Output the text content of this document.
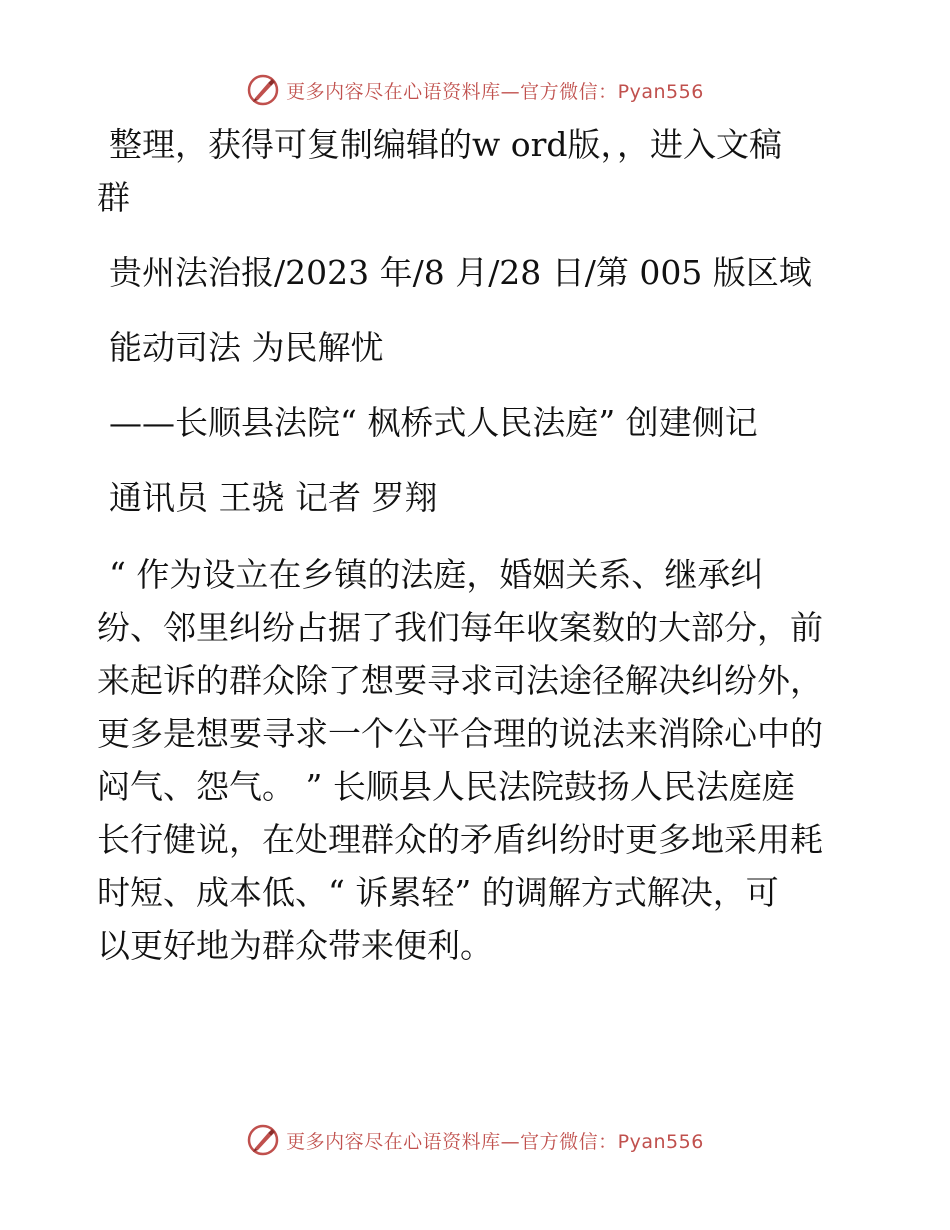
更多内容尽在心语资料库—官方微信：Pyan556
整理，获得可复制编辑的w ord版，，进入文稿
群
贵州法治报/2023 年/8 月/28 日/第 005 版区域
能动司法 为民解忧
——长顺县法院“ 枫桥式人民法庭” 创建侧记
通讯员 王骁 记者 罗翔
“ 作为设立在乡镇的法庭，婚姻关系、继承纠
纷、邻里纠纷占据了我们每年收案数的大部分，前
来起诉的群众除了想要寻求司法途径解决纠纷外，
更多是想要寻求一个公平合理的说法来消除心中的
闷气、怨气。 ” 长顺县人民法院鼓扬人民法庭庭
长行健说，在处理群众的矛盾纠纷时更多地采用耗
时短、成本低、“ 诉累轻” 的调解方式解决，可
以更好地为群众带来便利。
更多内容尽在心语资料库—官方微信：Pyan556
